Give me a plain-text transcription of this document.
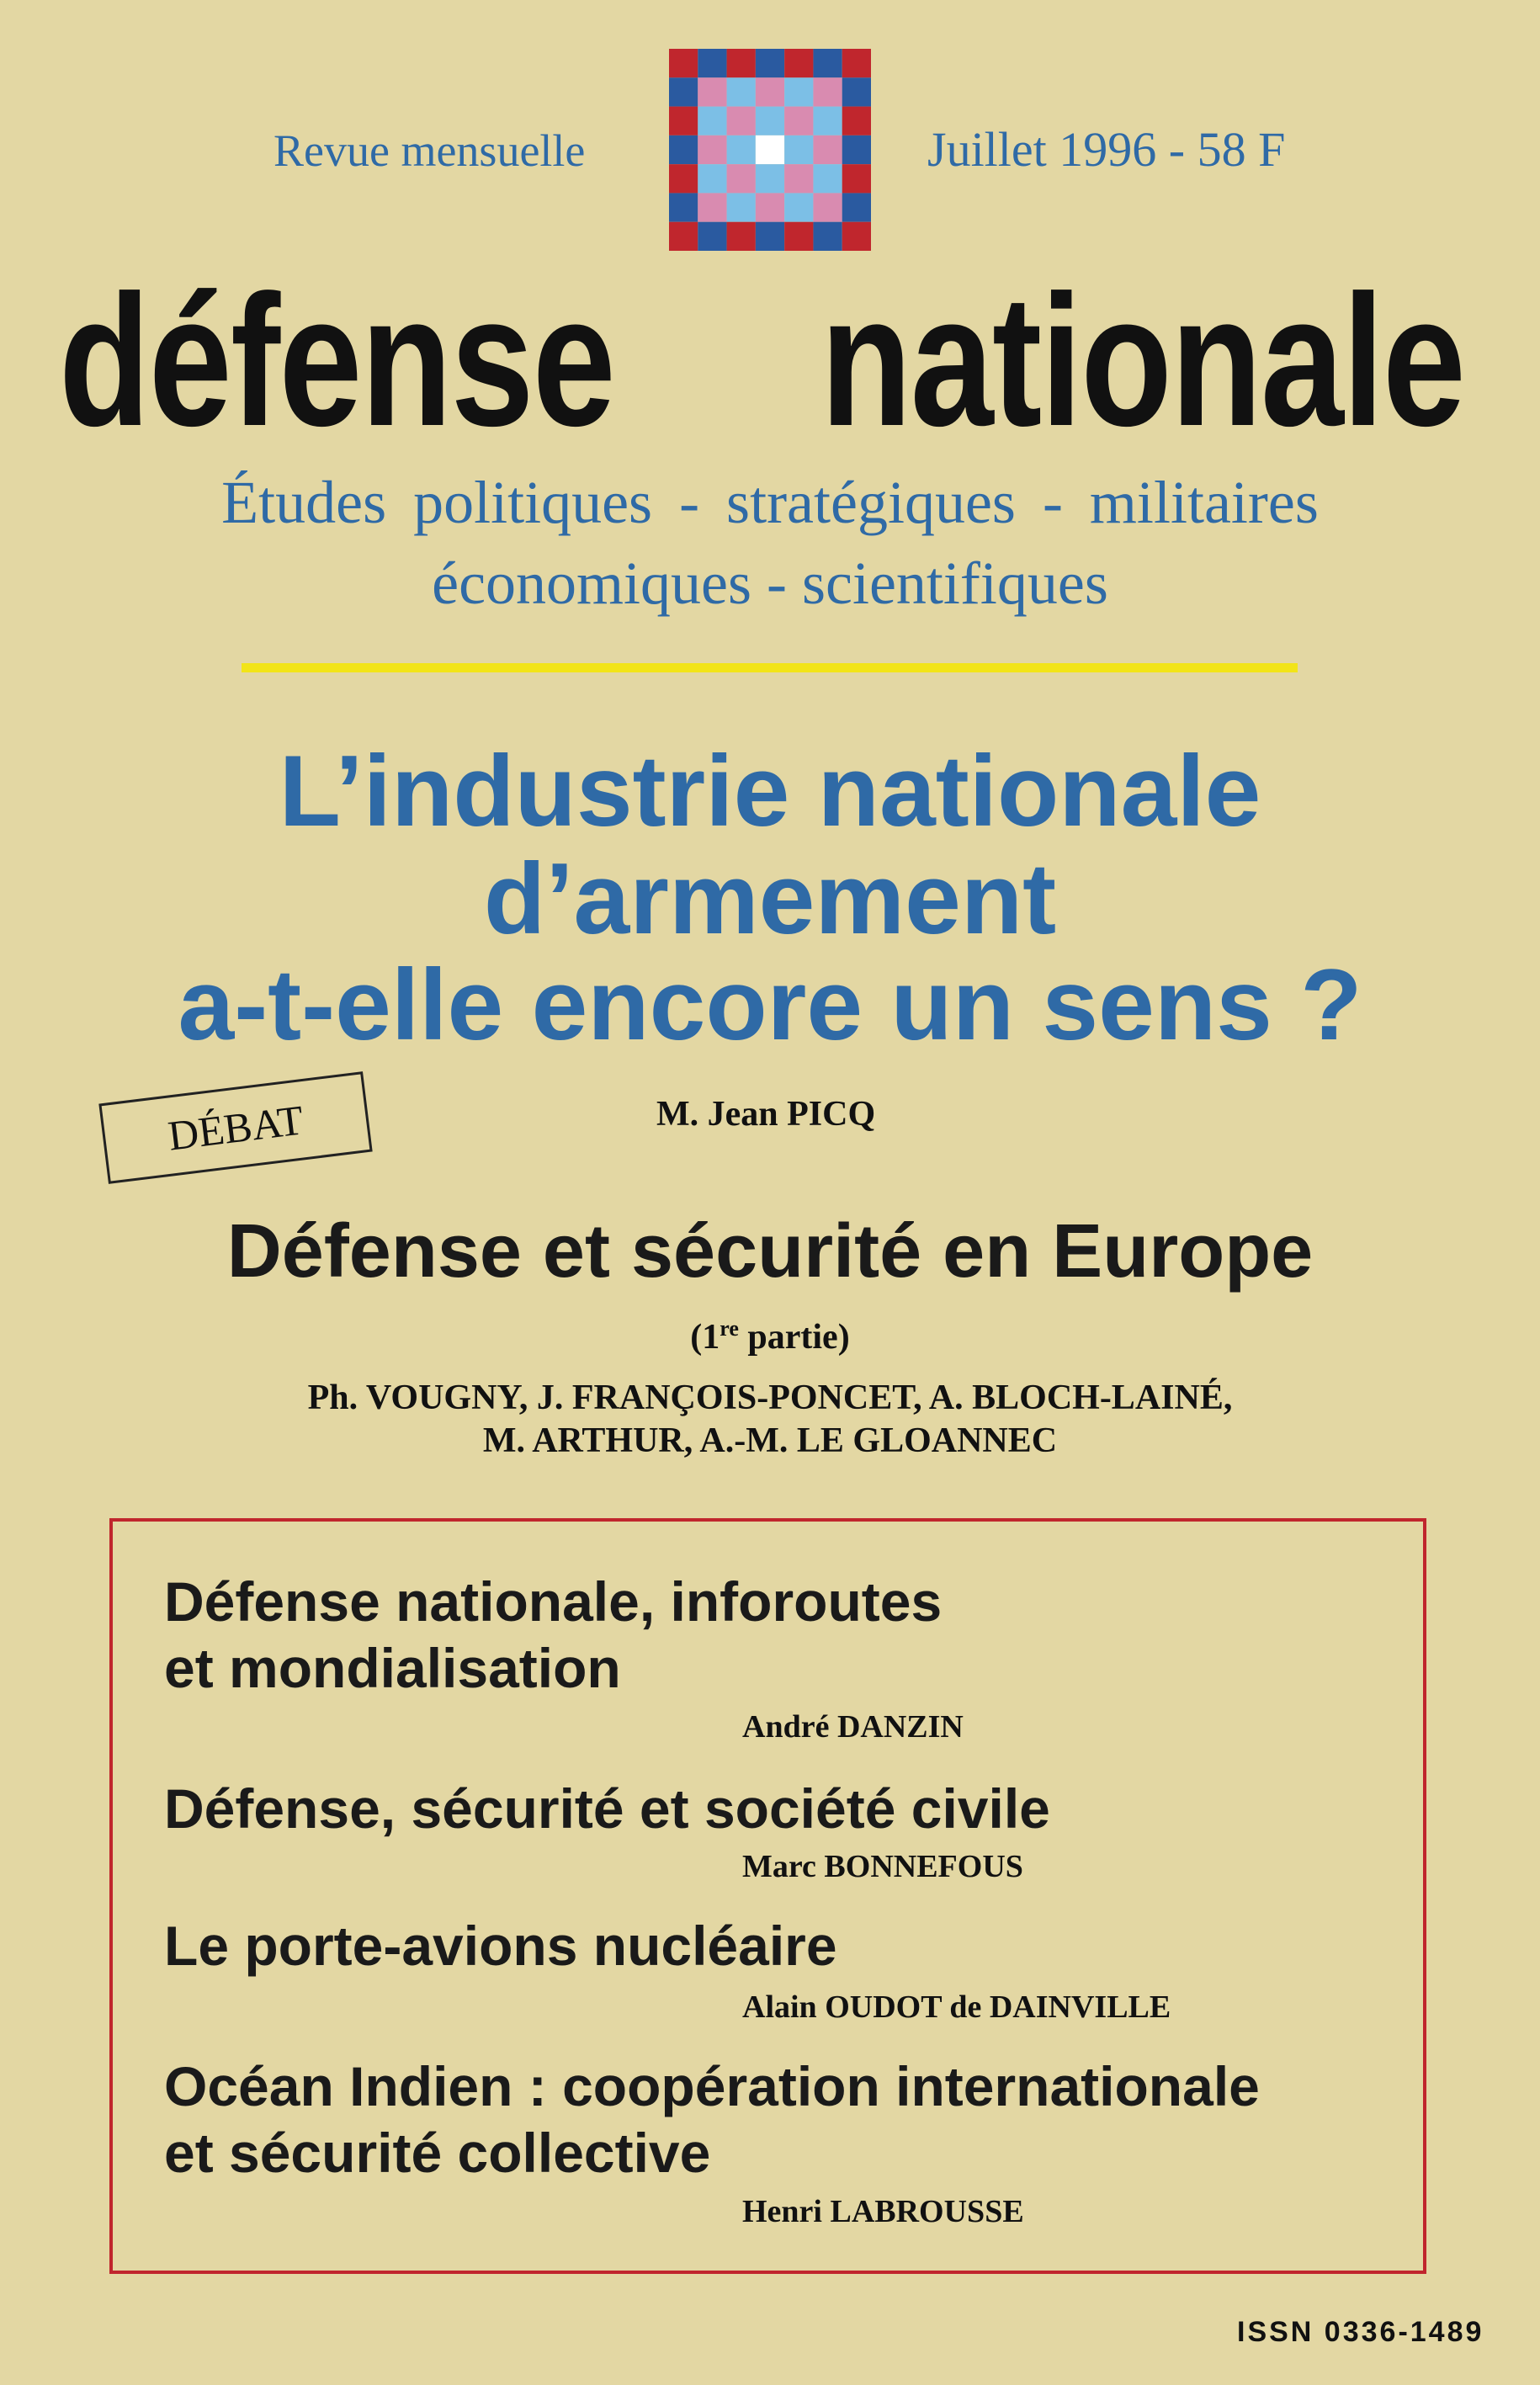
Revue mensuelle	Juillet 1996 - 58 F
défense nationale
Études politiques - stratégiques - militaires
économiques - scientifiques
L’industrie nationale
d’armement
a-t-elle encore un sens ?
DÉBAT	M. Jean PICQ
Défense et sécurité en Europe
(1re partie)
Ph. VOUGNY, J. FRANÇOIS-PONCET, A. BLOCH-LAINÉ,
M. ARTHUR, A.-M. LE GLOANNEC
Défense nationale, inforoutes
et mondialisation
André DANZIN
Défense, sécurité et société civile
Marc BONNEFOUS
Le porte-avions nucléaire
Alain OUDOT de DAINVILLE
Océan Indien : coopération internationale
et sécurité collective
Henri LABROUSSE
ISSN 0336-1489
